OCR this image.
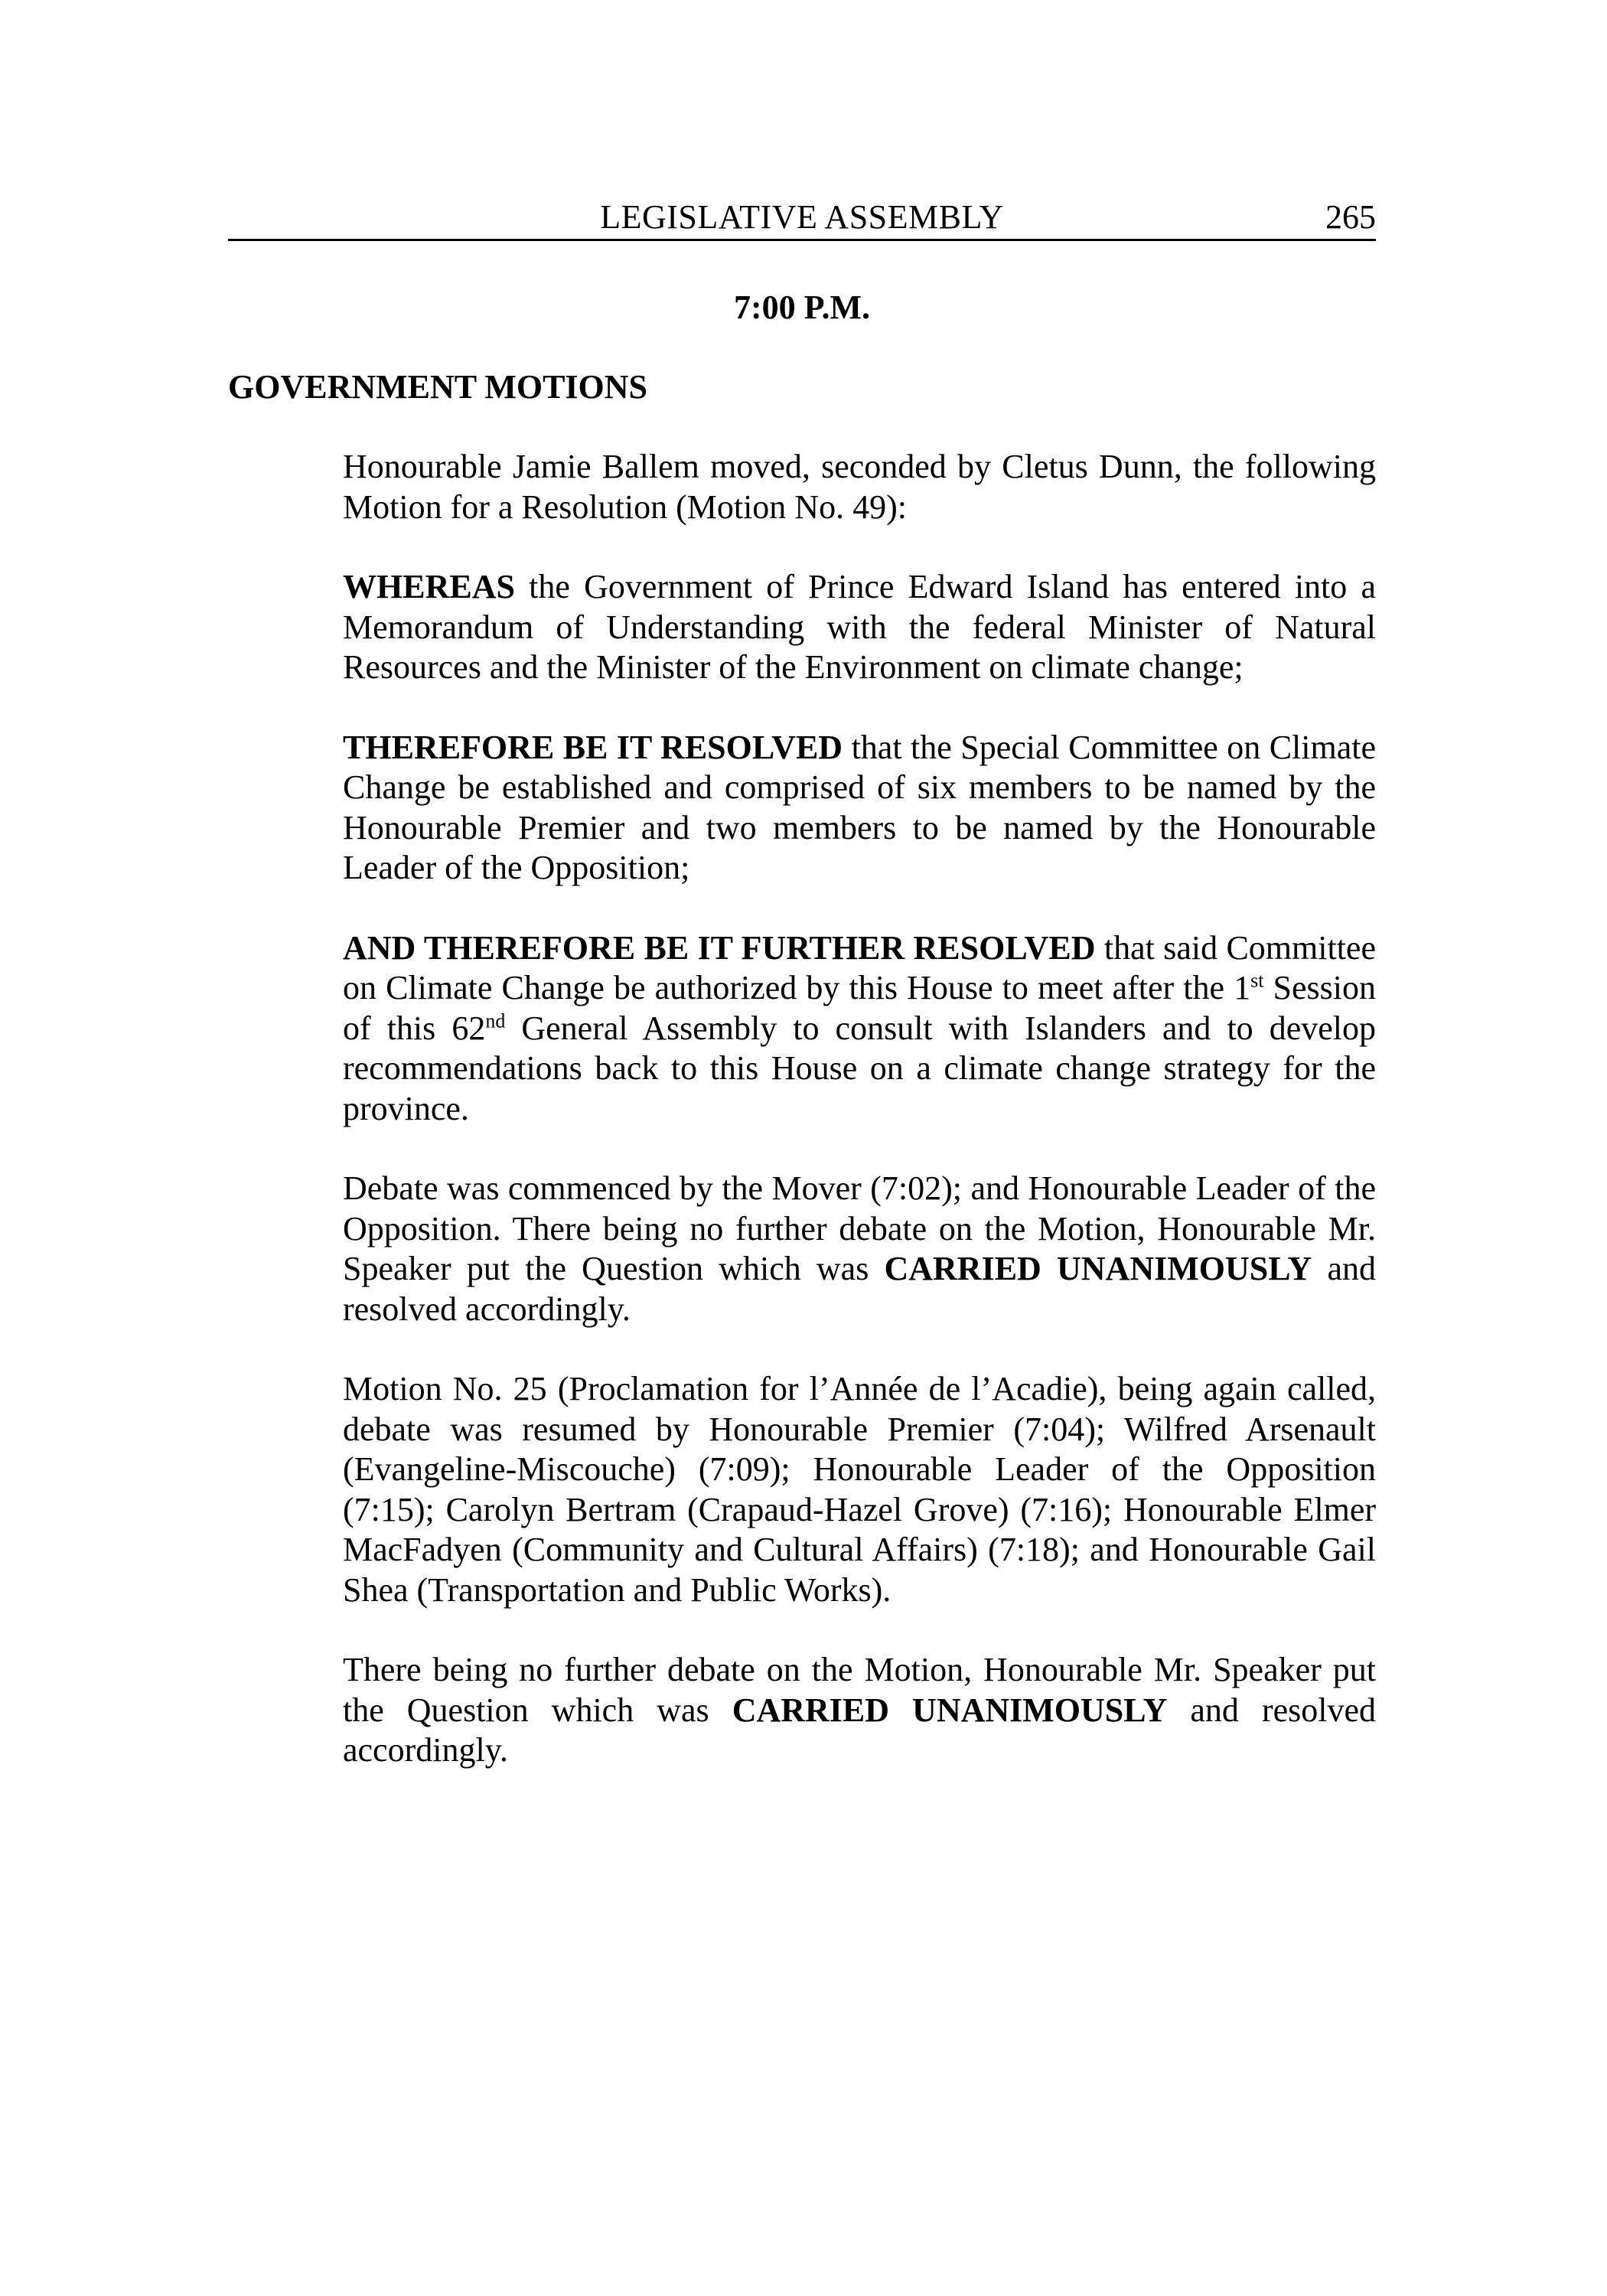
LEGISLATIVE ASSEMBLY	265
7:00 P.M.
GOVERNMENT MOTIONS

Honourable Jamie Ballem moved, seconded by Cletus Dunn, the following Motion for a Resolution (Motion No. 49):

WHEREAS the Government of Prince Edward Island has entered into a Memorandum of Understanding with the federal Minister of Natural Resources and the Minister of the Environment on climate change;

THEREFORE BE IT RESOLVED that the Special Committee on Climate Change be established and comprised of six members to be named by the Honourable Premier and two members to be named by the Honourable Leader of the Opposition;

AND THEREFORE BE IT FURTHER RESOLVED that said Committee on Climate Change be authorized by this House to meet after the 1st Session of this 62nd General Assembly to consult with Islanders and to develop recommendations back to this House on a climate change strategy for the province.

Debate was commenced by the Mover (7:02); and Honourable Leader of the Opposition. There being no further debate on the Motion, Honourable Mr. Speaker put the Question which was CARRIED UNANIMOUSLY and resolved accordingly.

Motion No. 25 (Proclamation for l’Année de l’Acadie), being again called, debate was resumed by Honourable Premier (7:04); Wilfred Arsenault (Evangeline-Miscouche) (7:09); Honourable Leader of the Opposition (7:15); Carolyn Bertram (Crapaud-Hazel Grove) (7:16); Honourable Elmer MacFadyen (Community and Cultural Affairs) (7:18); and Honourable Gail Shea (Transportation and Public Works).

There being no further debate on the Motion, Honourable Mr. Speaker put the Question which was CARRIED UNANIMOUSLY and resolved accordingly.
